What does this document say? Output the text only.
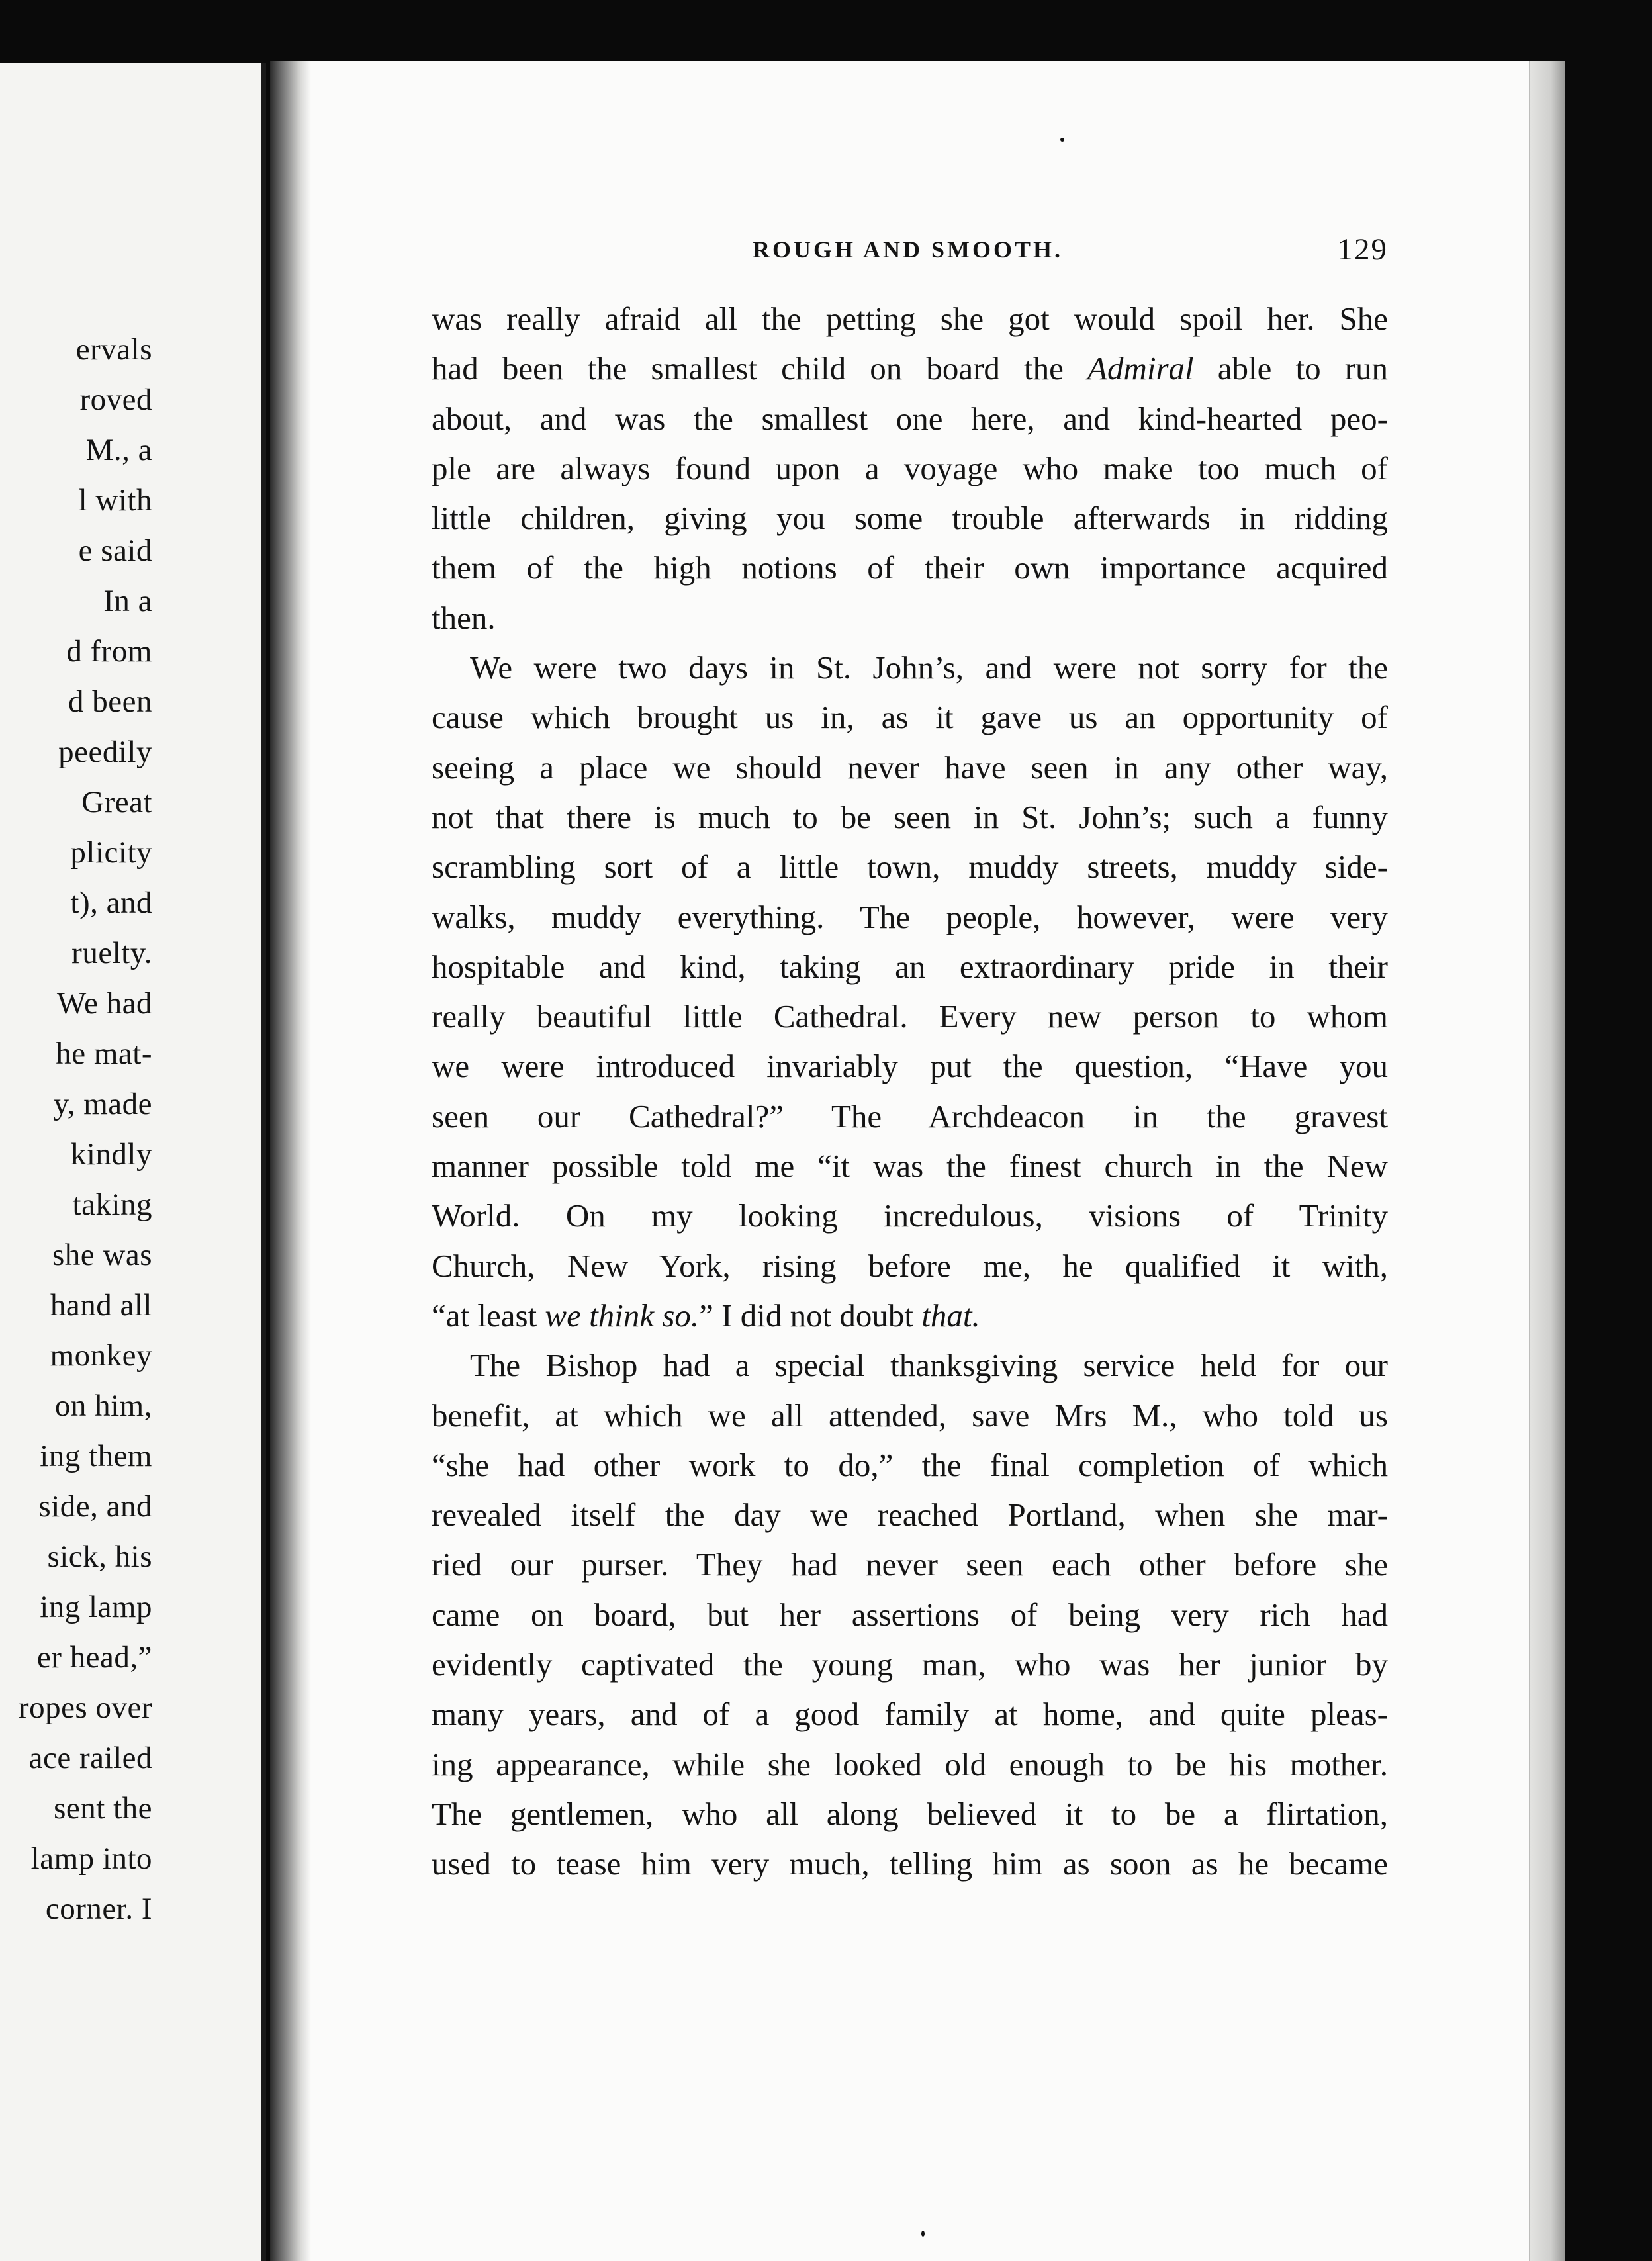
ervals
roved
M., a
l with
e said
In a
d from
d been
peedily
Great
plicity
t), and
ruelty.
We had
he mat-
y, made
kindly
taking
she was
hand all
monkey
on him,
ing them
side, and
sick, his
ing lamp
er head,”
ropes over
ace railed
sent the
lamp into
corner. I
ROUGH AND SMOOTH.	129
was really afraid all the petting she got would spoil her. She
had been the smallest child on board the Admiral able to run
about, and was the smallest one here, and kind-hearted peo-
ple are always found upon a voyage who make too much of
little children, giving you some trouble afterwards in ridding
them of the high notions of their own importance acquired
then.
We were two days in St. John’s, and were not sorry for the
cause which brought us in, as it gave us an opportunity of
seeing a place we should never have seen in any other way,
not that there is much to be seen in St. John’s; such a funny
scrambling sort of a little town, muddy streets, muddy side-
walks, muddy everything. The people, however, were very
hospitable and kind, taking an extraordinary pride in their
really beautiful little Cathedral. Every new person to whom
we were introduced invariably put the question, “Have you
seen our Cathedral?” The Archdeacon in the gravest
manner possible told me “it was the finest church in the New
World. On my looking incredulous, visions of Trinity
Church, New York, rising before me, he qualified it with,
“at least we think so.” I did not doubt that.
The Bishop had a special thanksgiving service held for our
benefit, at which we all attended, save Mrs M., who told us
“she had other work to do,” the final completion of which
revealed itself the day we reached Portland, when she mar-
ried our purser. They had never seen each other before she
came on board, but her assertions of being very rich had
evidently captivated the young man, who was her junior by
many years, and of a good family at home, and quite pleas-
ing appearance, while she looked old enough to be his mother.
The gentlemen, who all along believed it to be a flirtation,
used to tease him very much, telling him as soon as he became
